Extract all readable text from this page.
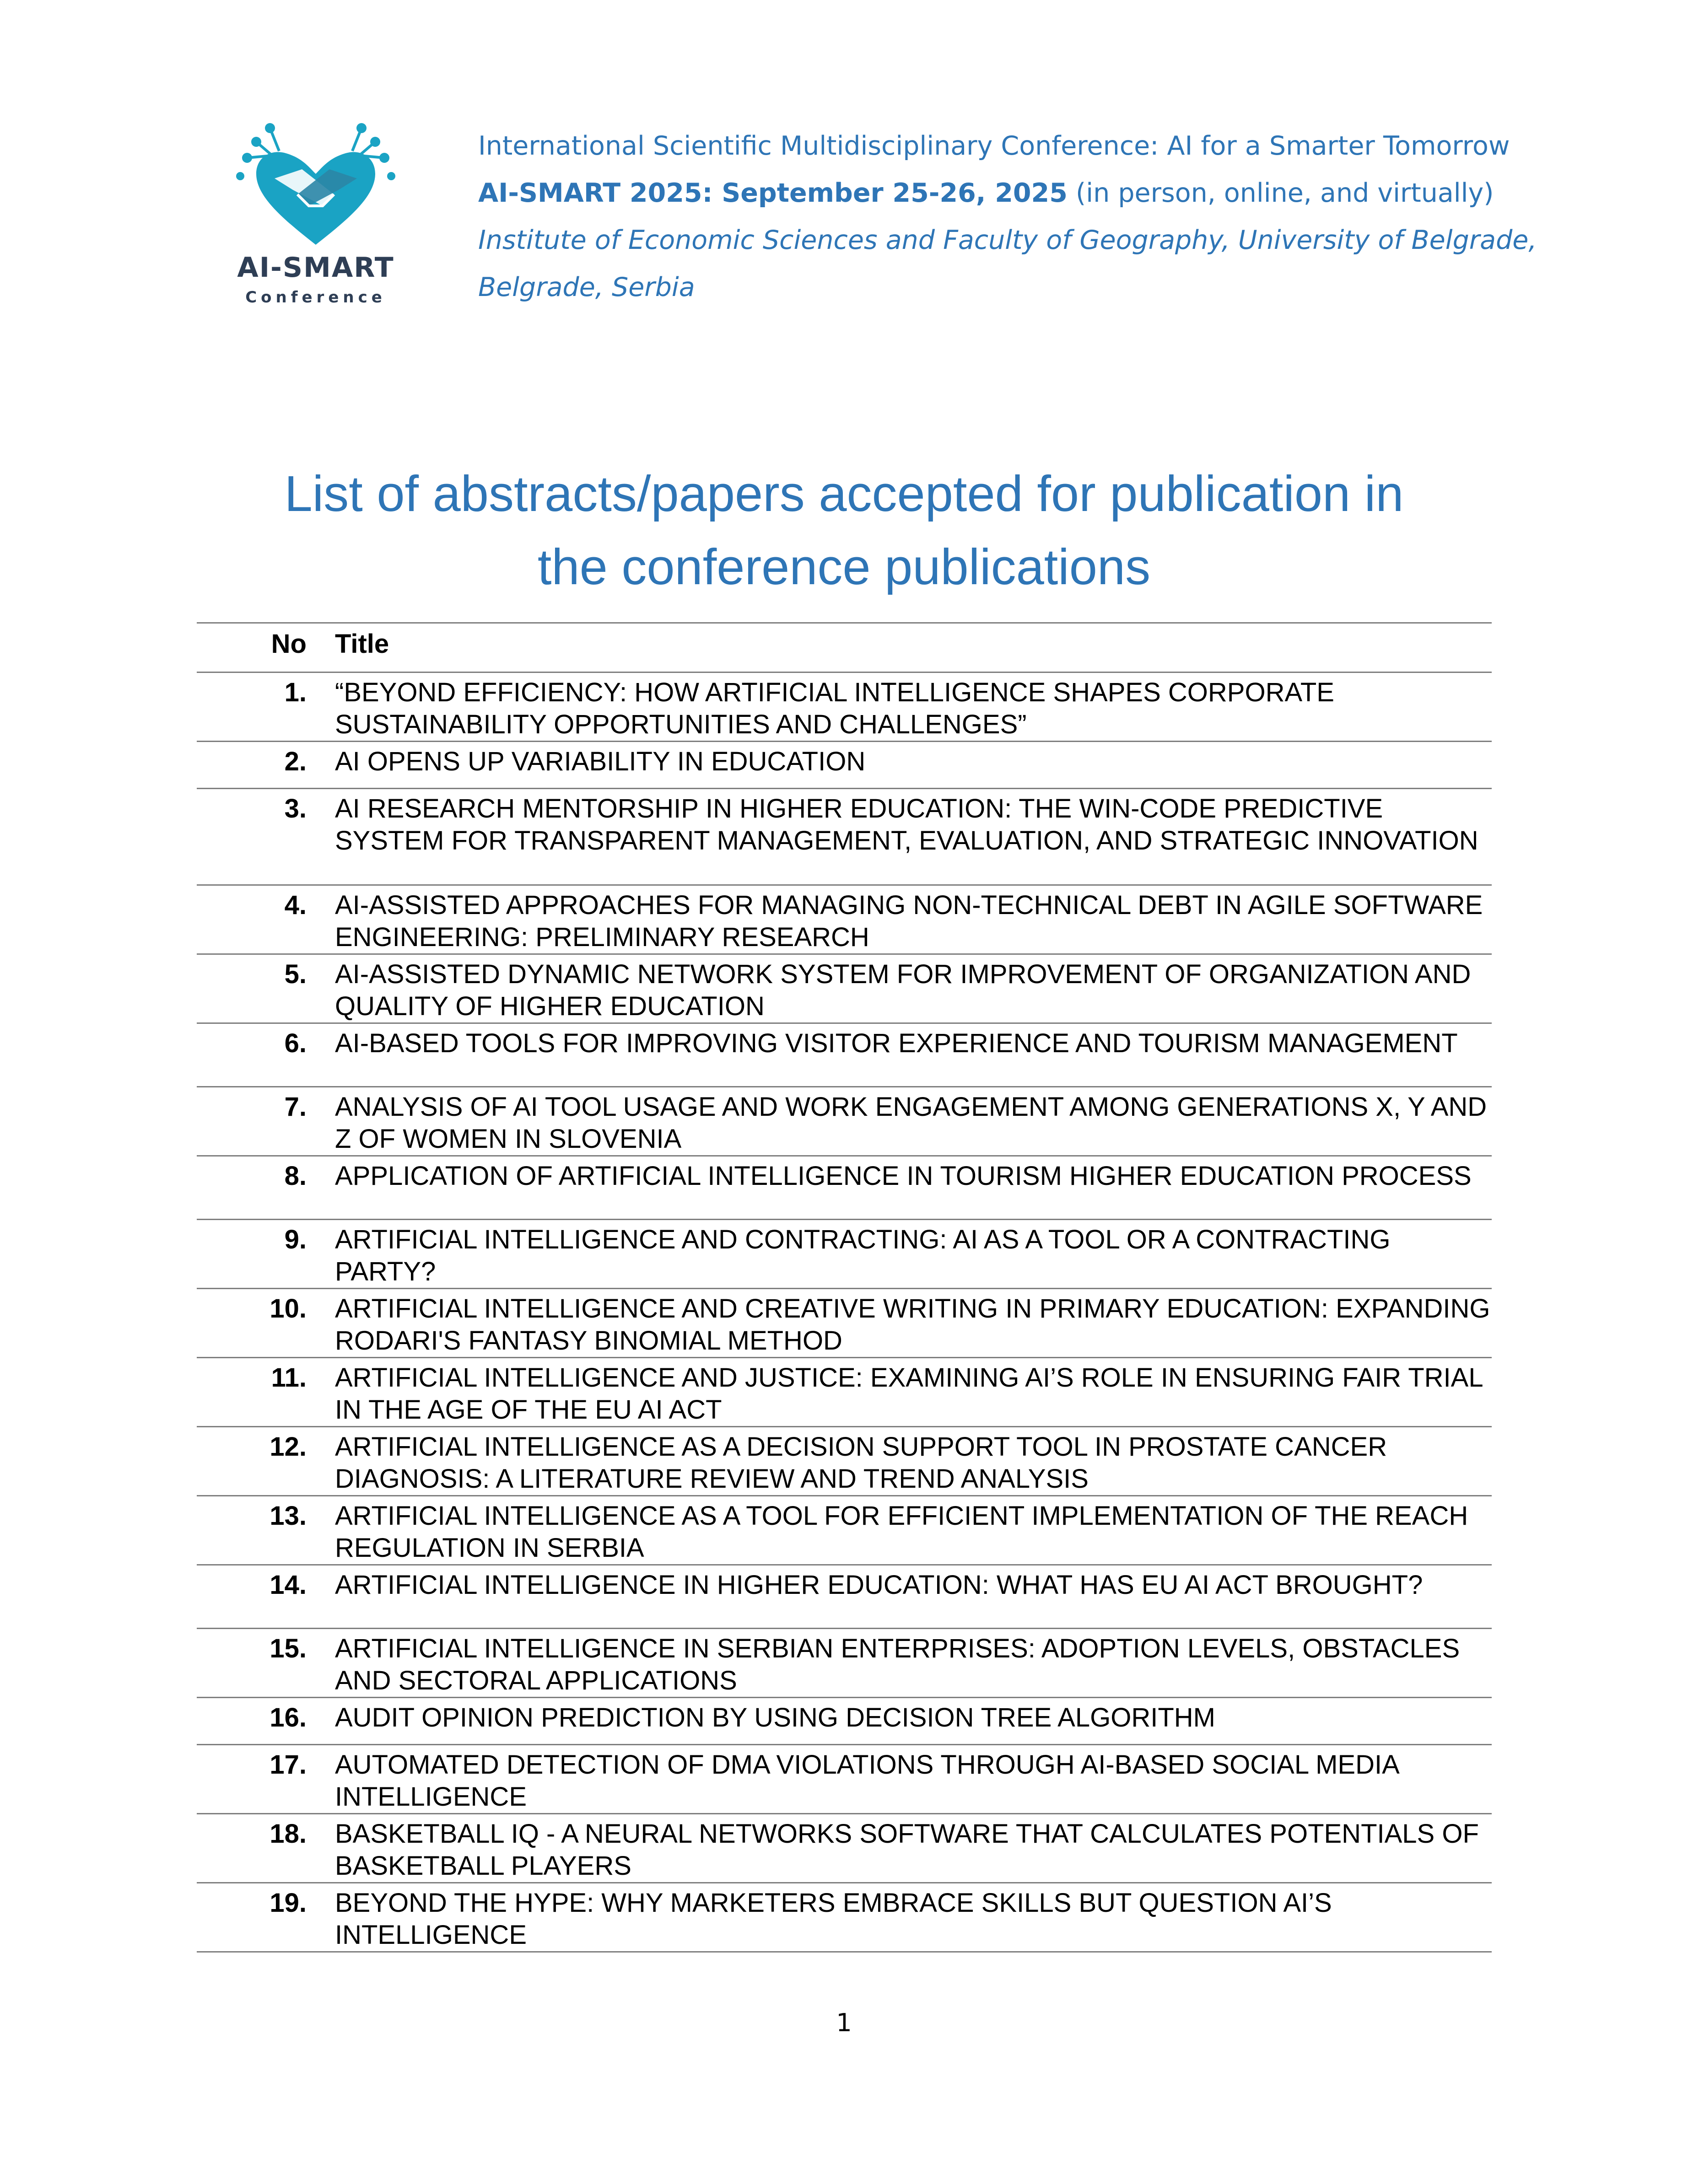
AI-SMART
Conference
International Scientific Multidisciplinary Conference: AI for a Smarter Tomorrow
AI-SMART 2025: September 25-26, 2025 (in person, online, and virtually)
Institute of Economic Sciences and Faculty of Geography, University of Belgrade,
Belgrade, Serbia
List of abstracts/papers accepted for publication in
the conference publications
No	Title
1.	“BEYOND EFFICIENCY: HOW ARTIFICIAL INTELLIGENCE SHAPES CORPORATE SUSTAINABILITY OPPORTUNITIES AND CHALLENGES”
2.	AI OPENS UP VARIABILITY IN EDUCATION
3.	AI RESEARCH MENTORSHIP IN HIGHER EDUCATION: THE WIN-CODE PREDICTIVE SYSTEM FOR TRANSPARENT MANAGEMENT, EVALUATION, AND STRATEGIC INNOVATION
4.	AI-ASSISTED APPROACHES FOR MANAGING NON-TECHNICAL DEBT IN AGILE SOFTWARE ENGINEERING: PRELIMINARY RESEARCH
5.	AI-ASSISTED DYNAMIC NETWORK SYSTEM FOR IMPROVEMENT OF ORGANIZATION AND QUALITY OF HIGHER EDUCATION
6.	AI-BASED TOOLS FOR IMPROVING VISITOR EXPERIENCE AND TOURISM MANAGEMENT
7.	ANALYSIS OF AI TOOL USAGE AND WORK ENGAGEMENT AMONG GENERATIONS X, Y AND Z OF WOMEN IN SLOVENIA
8.	APPLICATION OF ARTIFICIAL INTELLIGENCE IN TOURISM HIGHER EDUCATION PROCESS
9.	ARTIFICIAL INTELLIGENCE AND CONTRACTING: AI AS A TOOL OR A CONTRACTING PARTY?
10.	ARTIFICIAL INTELLIGENCE AND CREATIVE WRITING IN PRIMARY EDUCATION: EXPANDING RODARI'S FANTASY BINOMIAL METHOD
11.	ARTIFICIAL INTELLIGENCE AND JUSTICE: EXAMINING AI’S ROLE IN ENSURING FAIR TRIAL IN THE AGE OF THE EU AI ACT
12.	ARTIFICIAL INTELLIGENCE AS A DECISION SUPPORT TOOL IN PROSTATE CANCER DIAGNOSIS: A LITERATURE REVIEW AND TREND ANALYSIS
13.	ARTIFICIAL INTELLIGENCE AS A TOOL FOR EFFICIENT IMPLEMENTATION OF THE REACH REGULATION IN SERBIA
14.	ARTIFICIAL INTELLIGENCE IN HIGHER EDUCATION: WHAT HAS EU AI ACT BROUGHT?
15.	ARTIFICIAL INTELLIGENCE IN SERBIAN ENTERPRISES: ADOPTION LEVELS, OBSTACLES AND SECTORAL APPLICATIONS
16.	AUDIT OPINION PREDICTION BY USING DECISION TREE ALGORITHM
17.	AUTOMATED DETECTION OF DMA VIOLATIONS THROUGH AI-BASED SOCIAL MEDIA INTELLIGENCE
18.	BASKETBALL IQ - A NEURAL NETWORKS SOFTWARE THAT CALCULATES POTENTIALS OF BASKETBALL PLAYERS
19.	BEYOND THE HYPE: WHY MARKETERS EMBRACE SKILLS BUT QUESTION AI’S INTELLIGENCE
1
